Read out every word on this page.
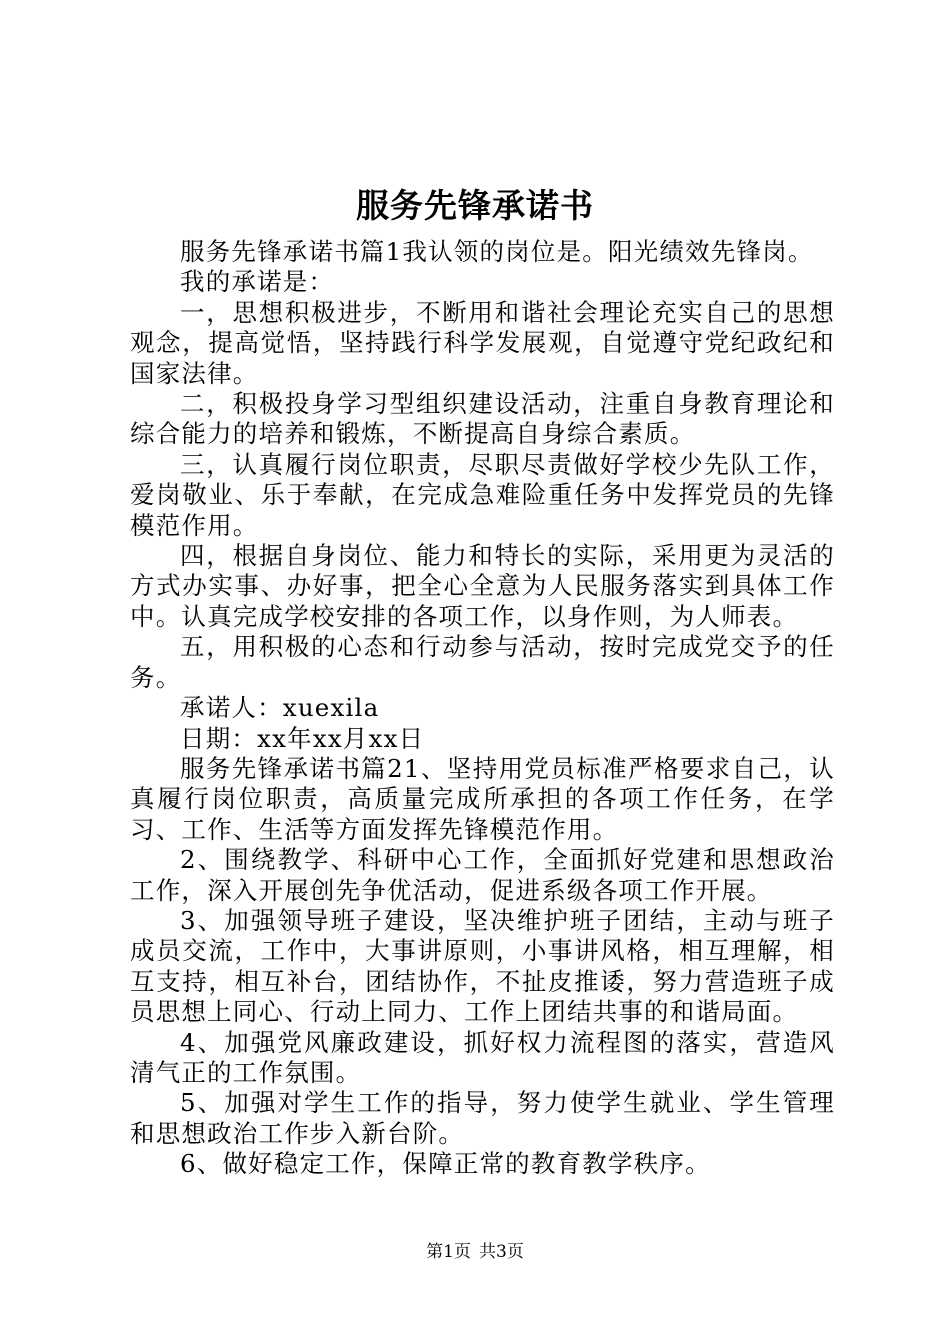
服务先锋承诺书

服务先锋承诺书篇1我认领的岗位是。阳光绩效先锋岗。

我的承诺是：

一，思想积极进步，不断用和谐社会理论充实自己的思想观念，提高觉悟，坚持践行科学发展观，自觉遵守党纪政纪和国家法律。

二，积极投身学习型组织建设活动，注重自身教育理论和综合能力的培养和锻炼，不断提高自身综合素质。

三，认真履行岗位职责，尽职尽责做好学校少先队工作，爱岗敬业、乐于奉献，在完成急难险重任务中发挥党员的先锋模范作用。

四，根据自身岗位、能力和特长的实际，采用更为灵活的方式办实事、办好事，把全心全意为人民服务落实到具体工作中。认真完成学校安排的各项工作，以身作则，为人师表。

五，用积极的心态和行动参与活动，按时完成党交予的任务。

承诺人：xuexila

日期：xx年xx月xx日

服务先锋承诺书篇21、坚持用党员标准严格要求自己，认真履行岗位职责，高质量完成所承担的各项工作任务，在学习、工作、生活等方面发挥先锋模范作用。

2、围绕教学、科研中心工作，全面抓好党建和思想政治工作，深入开展创先争优活动，促进系级各项工作开展。

3、加强领导班子建设，坚决维护班子团结，主动与班子成员交流，工作中，大事讲原则，小事讲风格，相互理解，相互支持，相互补台，团结协作，不扯皮推诿，努力营造班子成员思想上同心、行动上同力、工作上团结共事的和谐局面。

4、加强党风廉政建设，抓好权力流程图的落实，营造风清气正的工作氛围。

5、加强对学生工作的指导，努力使学生就业、学生管理和思想政治工作步入新台阶。

6、做好稳定工作，保障正常的教育教学秩序。

第1页 共3页
